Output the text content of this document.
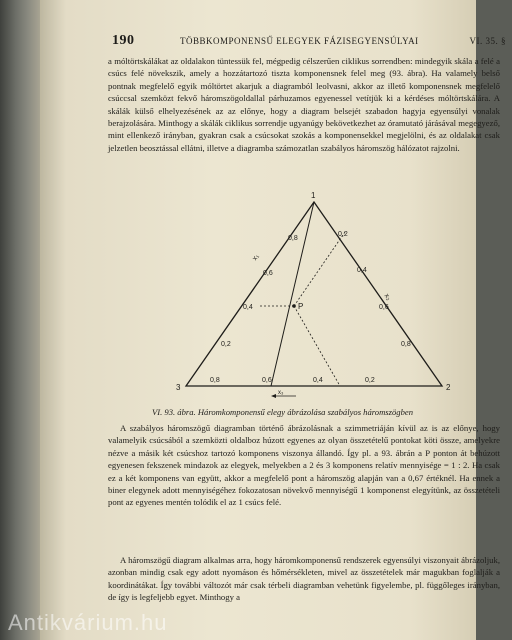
190	TÖBBKOMPONENSŰ ELEGYEK FÁZISEGYENSÚLYAI	VI. 35. §

a móltörtskálákat az oldalakon tüntessük fel, mégpedig célszerűen ciklikus sorrendben: mindegyik skála a felé a csúcs felé növekszik, amely a hozzátartozó tiszta komponensnek felel meg (93. ábra). Ha valamely belső pontnak megfelelő egyik móltörtet akarjuk a diagramból leolvasni, akkor az illető komponensnek megfelelő csúccsal szemközt fekvő háromszögoldallal párhuzamos egyenessel vetítjük ki a kérdéses móltörtskálára. A skálák külső elhelyezésének az az előnye, hogy a diagram belsejét szabadon hagyja egyensúlyi vonalak berajzolására. Minthogy a skálák ciklikus sorrendje ugyanúgy bekövetkezhet az óramutató járásával megegyező, mint ellenkező irányban, gyakran csak a csúcsokat szokás a komponensekkel megjelölni, és az oldalakat csak jelzetlen beosztással ellátni, illetve a diagramba számozatlan szabályos háromszög hálózatot rajzolni.

1
3	2
P
0,8
0,6
0,4
0,2
x₁
0,2
0,4
0,6
0,8
x₂
0,8	0,6	0,4	0,2
x₃
VI. 93. ábra. Háromkomponensű elegy ábrázolása szabályos háromszögben

A szabályos háromszögű diagramban történő ábrázolásnak a szimmetriáján kívül az is az előnye, hogy valamelyik csúcsából a szemközti oldalboz húzott egyenes az olyan összetételű pontokat köti össze, amelyekre nézve a másik két csúcshoz tartozó komponens viszonya állandó. Így pl. a 93. ábrán a P ponton át behúzott egyenesen fekszenek mindazok az elegyek, melyekben a 2 és 3 komponens relatív mennyisége = 1 : 2. Ha csak ez a két komponens van együtt, akkor a megfelelő pont a háromszög alapján van a 0,67 értéknél. Ha ennek a biner elegynek adott mennyiségéhez fokozatosan növekvő mennyiségű 1 komponenst elegyítünk, az összetételi pont az egyenes mentén tolódik el az 1 csúcs felé.

A háromszögű diagram alkalmas arra, hogy háromkomponensű rendszerek egyensúlyi viszonyait ábrázoljuk, azonban mindig csak egy adott nyomáson és hőmérsékleten, mivel az összetételek már magukban foglalják a koordinátákat. Így további változót már csak térbeli diagramban vehetünk figyelembe, pl. függőleges irányban, de így is legfeljebb egyet. Minthogy a

Antikvárium.hu
